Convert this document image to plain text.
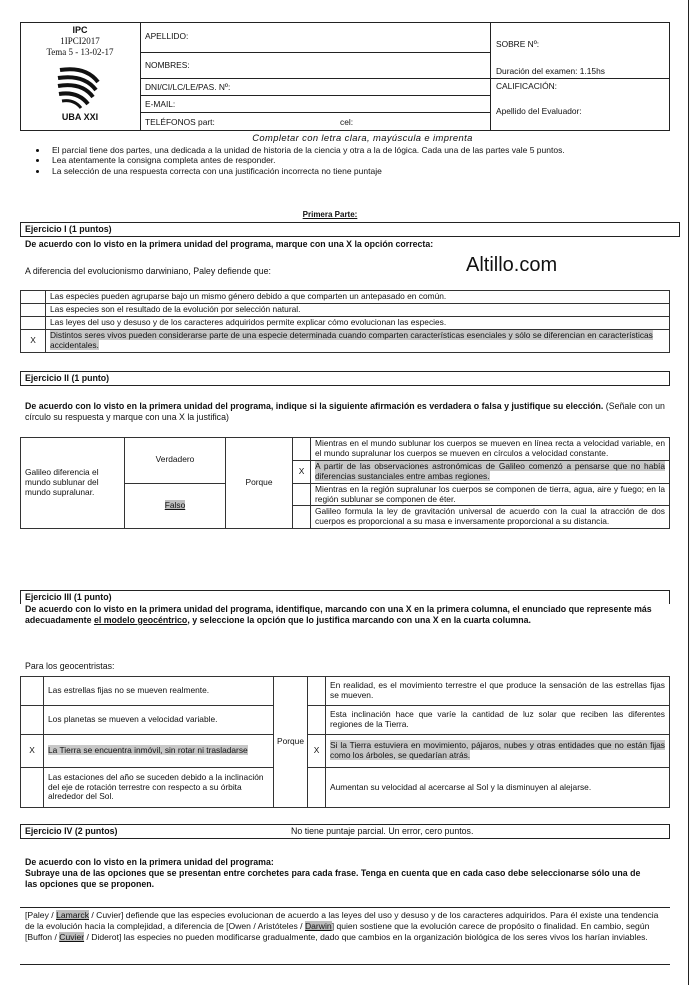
IPC
1IPCI2017
Tema 5 - 13-02-17
UBA XXI
APELLIDO:
NOMBRES:
DNI/CI/LC/LE/PAS. Nº:
E-MAIL:
TELÉFONOS part:	cel:
SOBRE Nº:
Duración del examen: 1.15hs
CALIFICACIÓN:
Apellido del Evaluador:
Completar con letra clara, mayúscula e imprenta
• El parcial tiene dos partes, una dedicada a la unidad de historia de la ciencia y otra a la de lógica. Cada una de las partes vale 5 puntos.
• Lea atentamente la consigna completa antes de responder.
• La selección de una respuesta correcta con una justificación incorrecta no tiene puntaje
Primera Parte:
Ejercicio I (1 puntos)
De acuerdo con lo visto en la primera unidad del programa, marque con una X la opción correcta:
A diferencia del evolucionismo darwiniano, Paley defiende que:	Altillo.com
	Las especies pueden agruparse bajo un mismo género debido a que comparten un antepasado en común.
	Las especies son el resultado de la evolución por selección natural.
	Las leyes del uso y desuso y de los caracteres adquiridos permite explicar cómo evolucionan las especies.
X	Distintos seres vivos pueden considerarse parte de una especie determinada cuando comparten características esenciales y sólo se diferencian en características accidentales.
Ejercicio II (1 punto)
De acuerdo con lo visto en la primera unidad del programa, indique si la siguiente afirmación es verdadera o falsa y justifique su elección. (Señale con un círculo su respuesta y marque con una X la justifica)
Galileo diferencia el mundo sublunar del mundo supralunar.	Verdadero	Porque		Mientras en el mundo sublunar los cuerpos se mueven en línea recta a velocidad variable, en el mundo supralunar los cuerpos se mueven en círculos a velocidad constante.
			X	A partir de las observaciones astronómicas de Galileo comenzó a pensarse que no había diferencias sustanciales entre ambas regiones.
	Falso			Mientras en la región supralunar los cuerpos se componen de tierra, agua, aire y fuego; en la región sublunar se componen de éter.
				Galileo formula la ley de gravitación universal de acuerdo con la cual la atracción de dos cuerpos es proporcional a su masa e inversamente proporcional a su distancia.
Ejercicio III (1 punto)
De acuerdo con lo visto en la primera unidad del programa, identifique, marcando con una X en la primera columna, el enunciado que represente más adecuadamente el modelo geocéntrico, y seleccione la opción que lo justifica marcando con una X en la cuarta columna.
Para los geocentristas:
	Las estrellas fijas no se mueven realmente.	Porque		En realidad, es el movimiento terrestre el que produce la sensación de las estrellas fijas se mueven.
	Los planetas se mueven a velocidad variable.			Esta inclinación hace que varíe la cantidad de luz solar que reciben las diferentes regiones de la Tierra.
X	La Tierra se encuentra inmóvil, sin rotar ni trasladarse		X	Si la Tierra estuviera en movimiento, pájaros, nubes y otras entidades que no están fijas como los árboles, se quedarían atrás.
	Las estaciones del año se suceden debido a la inclinación del eje de rotación terrestre con respecto a su órbita alrededor del Sol.			Aumentan su velocidad al acercarse al Sol y la disminuyen al alejarse.
Ejercicio IV (2 puntos)	No tiene puntaje parcial. Un error, cero puntos.
De acuerdo con lo visto en la primera unidad del programa:
Subraye una de las opciones que se presentan entre corchetes para cada frase. Tenga en cuenta que en cada caso debe seleccionarse sólo una de las opciones que se proponen.
[Paley / Lamarck / Cuvier] defiende que las especies evolucionan de acuerdo a las leyes del uso y desuso y de los caracteres adquiridos. Para él existe una tendencia de la evolución hacia la complejidad, a diferencia de [Owen / Aristóteles / Darwin] quien sostiene que la evolución carece de propósito o finalidad. En cambio, según [Buffon / Cuvier / Diderot] las especies no pueden modificarse gradualmente, dado que cambios en la organización biológica de los seres vivos los harían inviables.
